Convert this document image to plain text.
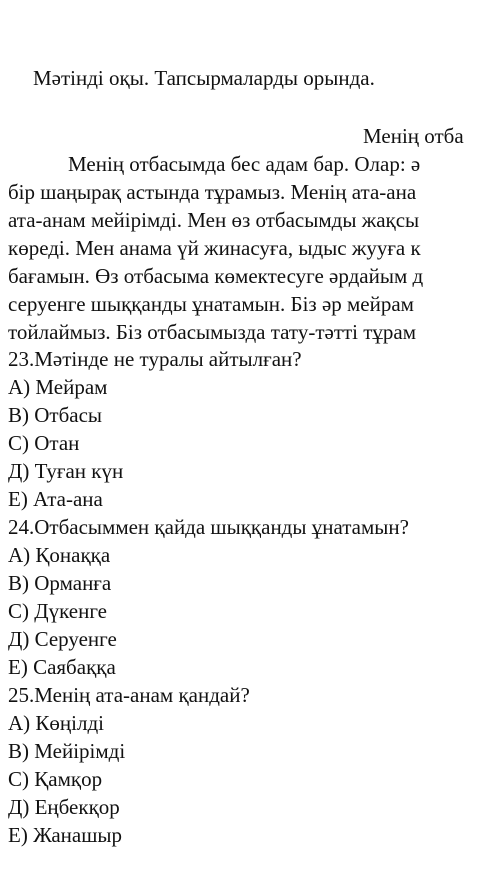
Мәтінді оқы. Тапсырмаларды орында.
Менің отба
Менің отбасымда бес адам бар. Олар: ә
бір шаңырақ астында тұрамыз. Менің ата-ана
ата-анам мейірімді. Мен өз отбасымды жақсы
көреді. Мен анама үй жинасуға, ыдыс жууға к
бағамын. Өз отбасыма көмектесуге әрдайым д
серуенге шыққанды ұнатамын. Біз әр мейрам
тойлаймыз. Біз отбасымызда тату-тәтті тұрам
23.Мәтінде не туралы айтылған?
А) Мейрам
В) Отбасы
С) Отан
Д) Туған күн
Е) Ата-ана
24.Отбасыммен қайда шыққанды ұнатамын?
А) Қонаққа
В) Орманға
С) Дүкенге
Д) Серуенге
Е) Саябаққа
25.Менің ата-анам қандай?
А) Көңілді
В) Мейірімді
С) Қамқор
Д) Еңбекқор
Е) Жанашыр
